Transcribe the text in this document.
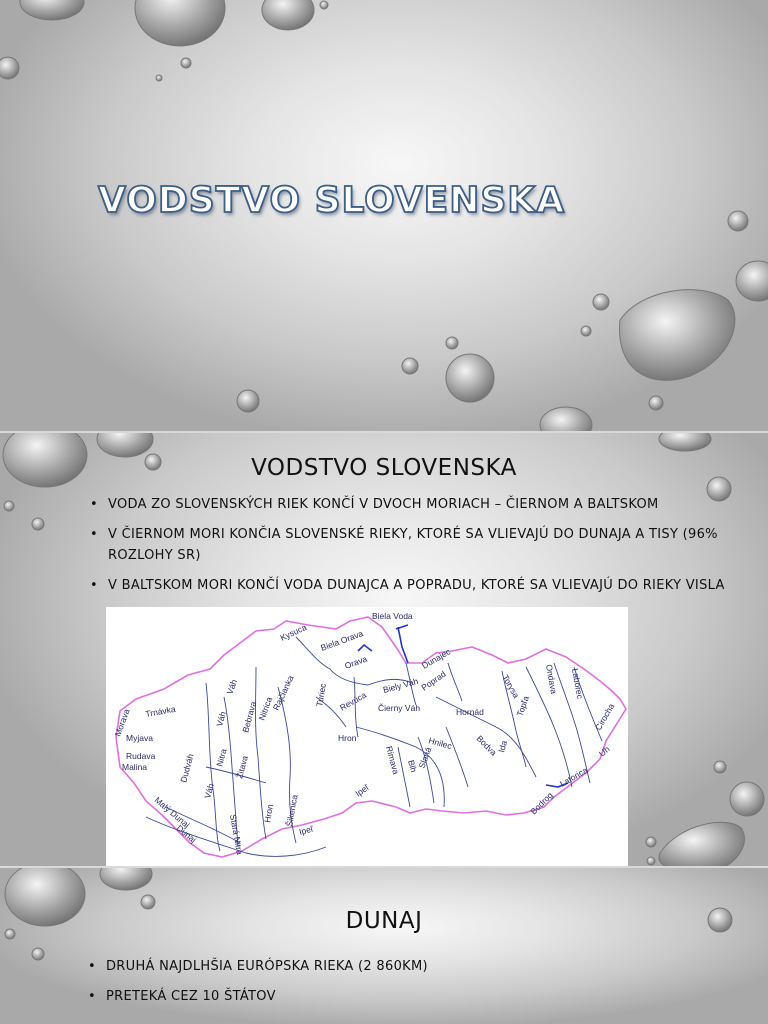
VODSTVO SLOVENSKA
VODSTVO SLOVENSKA
• VODA ZO SLOVENSKÝCH RIEK KONČÍ V DVOCH MORIACH – ČIERNOM A BALTSKOM
• V ČIERNOM MORI KONČIA SLOVENSKÉ RIEKY, KTORÉ SA VLIEVAJÚ DO DUNAJA A TISY (96% ROZLOHY SR)
• V BALTSKOM MORI KONČÍ VODA DUNAJCA A POPRADU, KTORÉ SA VLIEVAJÚ DO RIEKY VISLA
Biela Voda
Kysuca Biela Orava
Orava	Dunajec
Poprad	Torysa	Ondava Laborec
Cirocha
Morava Trnávka
Myjava
Rudava
Malina	Dudváh
Váh
Váh
Váh
Nitra Žitava
Bebrava
Nitrica
Rajčianka Turiec Revúca
Biely Váh
Čierny Váh	Hornád	Topľa
Hron
Hron
Hnilec	Bodva
Ida
Rimava Blh
Slaná
Ipeľ
Ipeľ
Šikenica
Stará Nitra
Malý Dunaj
Dunaj
Latorica
Bodrog
Uh
DUNAJ
• DRUHÁ NAJDLHŠIA EURÓPSKA RIEKA (2 860KM)
• PRETEKÁ CEZ 10 ŠTÁTOV
